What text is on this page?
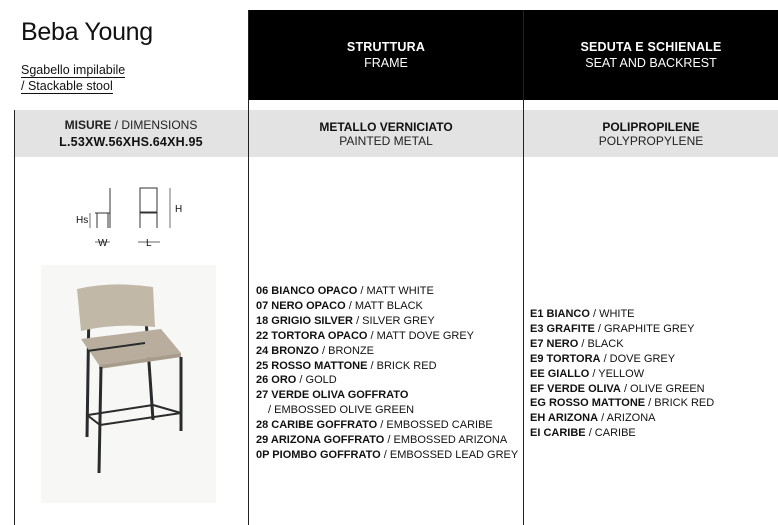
Beba Young
Sgabello impilabile
/ Stackable stool
STRUTTURA
FRAME
SEDUTA E SCHIENALE
SEAT AND BACKREST
MISURE / DIMENSIONS
L.53XW.56XHS.64XH.95
METALLO VERNICIATO
PAINTED METAL
POLIPROPILENE
POLYPROPYLENE
Hs
W
H
L
06 BIANCO OPACO / MATT WHITE
07 NERO OPACO / MATT BLACK
18 GRIGIO SILVER / SILVER GREY
22 TORTORA OPACO / MATT DOVE GREY
24 BRONZO / BRONZE
25 ROSSO MATTONE / BRICK RED
26 ORO / GOLD
27 VERDE OLIVA GOFFRATO
/ EMBOSSED OLIVE GREEN
28 CARIBE GOFFRATO / EMBOSSED CARIBE
29 ARIZONA GOFFRATO / EMBOSSED ARIZONA
0P PIOMBO GOFFRATO / EMBOSSED LEAD GREY
E1 BIANCO / WHITE
E3 GRAFITE / GRAPHITE GREY
E7 NERO / BLACK
E9 TORTORA / DOVE GREY
EE GIALLO / YELLOW
EF VERDE OLIVA / OLIVE GREEN
EG ROSSO MATTONE / BRICK RED
EH ARIZONA / ARIZONA
EI CARIBE / CARIBE
